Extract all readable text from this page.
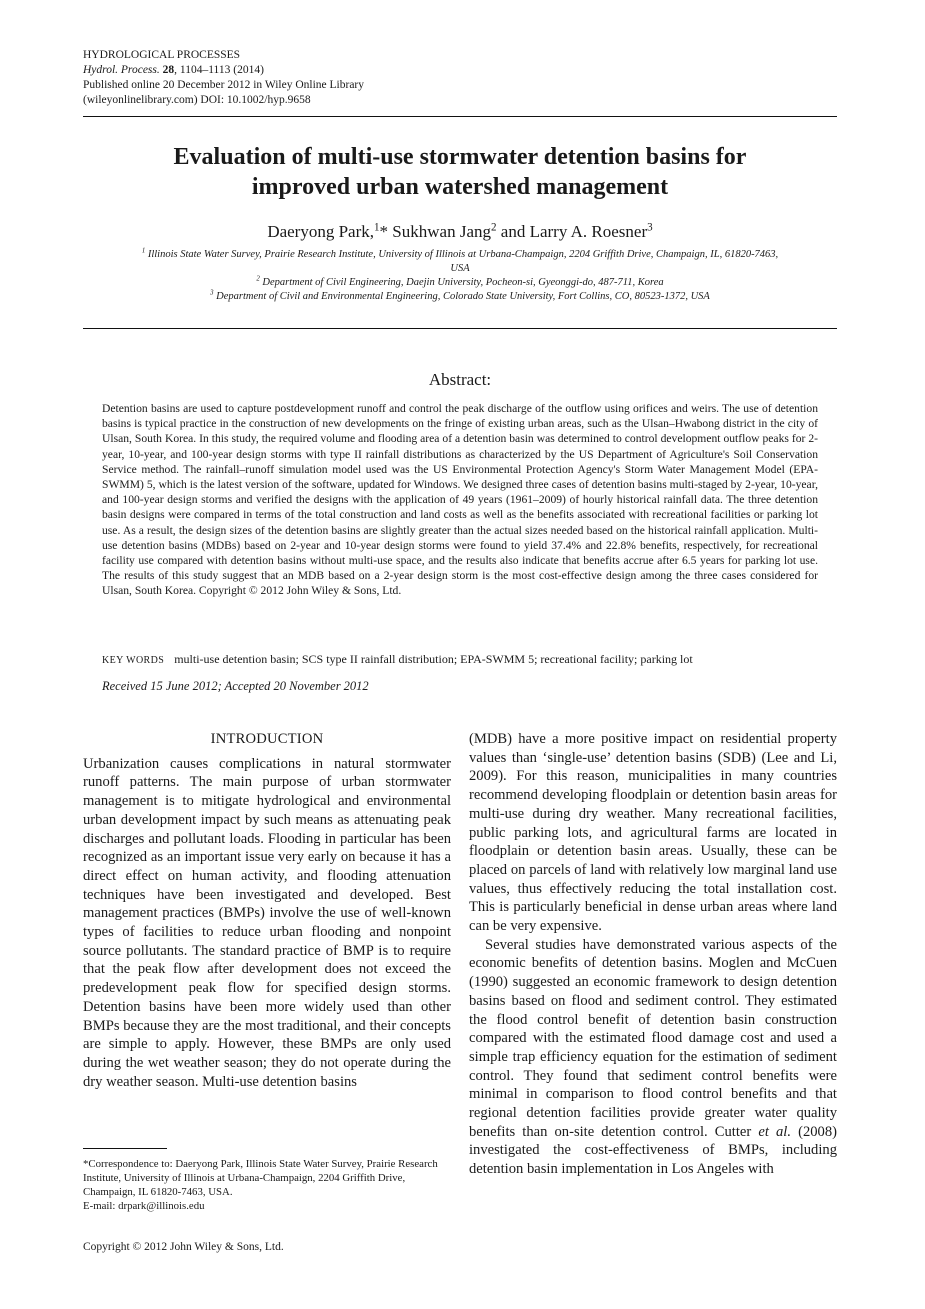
HYDROLOGICAL PROCESSES
Hydrol. Process. 28, 1104–1113 (2014)
Published online 20 December 2012 in Wiley Online Library
(wileyonlinelibrary.com) DOI: 10.1002/hyp.9658
Evaluation of multi-use stormwater detention basins for
improved urban watershed management
Daeryong Park,$^1$* Sukhwan Jang$^2$ and Larry A. Roesner$^3$
$^1$ Illinois State Water Survey, Prairie Research Institute, University of Illinois at Urbana-Champaign, 2204 Griffith Drive, Champaign, IL, 61820-7463,
USA
$^2$ Department of Civil Engineering, Daejin University, Pocheon-si, Gyeonggi-do, 487-711, Korea
$^3$ Department of Civil and Environmental Engineering, Colorado State University, Fort Collins, CO, 80523-1372, USA
Abstract:
Detention basins are used to capture postdevelopment runoff and control the peak discharge of the outflow using orifices and weirs. The use of detention basins is typical practice in the construction of new developments on the fringe of existing urban areas, such as the Ulsan–Hwabong district in the city of Ulsan, South Korea. In this study, the required volume and flooding area of a detention basin was determined to control development outflow peaks for 2-year, 10-year, and 100-year design storms with type II rainfall distributions as characterized by the US Department of Agriculture's Soil Conservation Service method. The rainfall–runoff simulation model used was the US Environmental Protection Agency's Storm Water Management Model (EPA-SWMM) 5, which is the latest version of the software, updated for Windows. We designed three cases of detention basins multi-staged by 2-year, 10-year, and 100-year design storms and verified the designs with the application of 49 years (1961–2009) of hourly historical rainfall data. The three detention basin designs were compared in terms of the total construction and land costs as well as the benefits associated with recreational facilities or parking lot use. As a result, the design sizes of the detention basins are slightly greater than the actual sizes needed based on the historical rainfall application. Multi-use detention basins (MDBs) based on 2-year and 10-year design storms were found to yield 37.4% and 22.8% benefits, respectively, for recreational facility use compared with detention basins without multi-use space, and the results also indicate that benefits accrue after 6.5 years for parking lot use. The results of this study suggest that an MDB based on a 2-year design storm is the most cost-effective design among the three cases considered for Ulsan, South Korea. Copyright © 2012 John Wiley & Sons, Ltd.
KEY WORDS multi-use detention basin; SCS type II rainfall distribution; EPA-SWMM 5; recreational facility; parking lot
Received 15 June 2012; Accepted 20 November 2012
INTRODUCTION

Urbanization causes complications in natural stormwater runoff patterns. The main purpose of urban stormwater management is to mitigate hydrological and environmental urban development impact by such means as attenuating peak discharges and pollutant loads. Flooding in particular has been recognized as an important issue very early on because it has a direct effect on human activity, and flooding attenuation techniques have been investigated and developed. Best management practices (BMPs) involve the use of well-known types of facilities to reduce urban flooding and nonpoint source pollutants. The standard practice of BMP is to require that the peak flow after development does not exceed the predevelopment peak flow for specified design storms. Detention basins have been more widely used than other BMPs because they are the most traditional, and their concepts are simple to apply. However, these BMPs are only used during the wet weather season; they do not operate during the dry weather season. Multi-use detention basins

(MDB) have a more positive impact on residential property values than ‘single-use’ detention basins (SDB) (Lee and Li, 2009). For this reason, municipalities in many countries recommend developing floodplain or detention basin areas for multi-use during dry weather. Many recreational facilities, public parking lots, and agricultural farms are located in floodplain or detention basin areas. Usually, these can be placed on parcels of land with relatively low marginal land use values, thus effectively reducing the total installation cost. This is particularly beneficial in dense urban areas where land can be very expensive.

Several studies have demonstrated various aspects of the economic benefits of detention basins. Moglen and McCuen (1990) suggested an economic framework to design detention basins based on flood and sediment control. They estimated the flood control benefit of detention basin construction compared with the estimated flood damage cost and used a simple trap efficiency equation for the estimation of sediment control. They found that sediment control benefits were minimal in comparison to flood control benefits and that regional detention facilities provide greater water quality benefits than on-site detention control. Cutter et al. (2008) investigated the cost-effectiveness of BMPs, including detention basin implementation in Los Angeles with

*Correspondence to: Daeryong Park, Illinois State Water Survey, Prairie Research Institute, University of Illinois at Urbana-Champaign, 2204 Griffith Drive, Champaign, IL 61820-7463, USA.
E-mail: drpark@illinois.edu
Copyright © 2012 John Wiley & Sons, Ltd.
